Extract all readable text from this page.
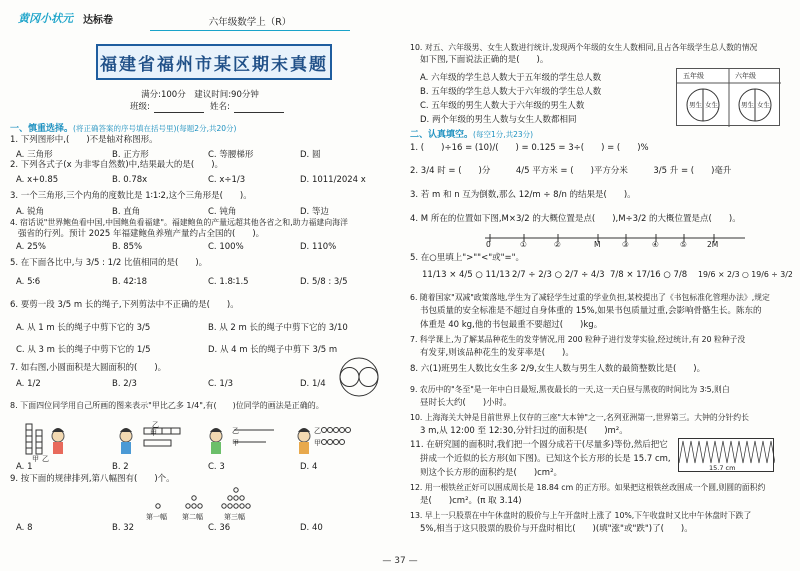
黄冈小状元 达标卷	六年级数学上（R）
福建省福州市某区期末真题
满分:100分　建议时间:90分钟
班级:	姓名:
一、慎重选择。(将正确答案的序号填在括号里)(每题2分,共20分)
1. 下列图形中,(　　)不是轴对称图形。
A. 三角形	B. 正方形	C. 等腰梯形	D. 圆
2. 下列各式子(x 为非零自然数)中,结果最大的是(　　)。
A. x+0.85	B. 0.78x	C. x÷1/3	D. 1011/2024 x
3. 一个三角形,三个内角的度数比是 1∶1∶2,这个三角形是(　　)。
A. 锐角	B. 直角	C. 钝角	D. 等边
4. 宿话说"世界鲍鱼看中国,中国鲍鱼看福建"。福建鲍鱼的产量远超其他各省之和,助力福建向海洋
强省的行列。预计 2025 年福建鲍鱼养殖产量约占全国的(　　)。
A. 25%	B. 85%	C. 100%	D. 110%
5. 在下面各比中,与 3/5 : 1/2 比值相同的是(　　)。
A. 5∶6	B. 42∶18	C. 1.8∶1.5	D. 5/8 : 3/5
6. 要剪一段 3/5 m 长的绳子,下列剪法中不正确的是(　　)。
A. 从 1 m 长的绳子中剪下它的 3/5	B. 从 2 m 长的绳子中剪下它的 3/10
C. 从 3 m 长的绳子中剪下它的 1/5	D. 从 4 m 长的绳子中剪下 3/5 m
7. 如右图,小圆面积是大圆面积的(　　)。
A. 1/2	B. 2/3	C. 1/3	D. 1/4
8. 下面四位同学用自己所画的图来表示"甲比乙多 1/4",有(　　)位同学的画法是正确的。
甲
乙
甲	乙
甲
乙
甲
乙
A. 1	B. 2	C. 3	D. 4
9. 按下面的规律排列,第八幅图有(　　)个。
第一幅 第二幅	第三幅
A. 8	B. 32	C. 36	D. 40
10. 对五、六年级男、女生人数进行统计,发现两个年级的女生人数相同,且占各年级学生总人数的情况
如下图,下面说法正确的是(　　)。
A. 六年级的学生总人数大于五年级的学生总人数
B. 五年级的学生总人数大于六年级的学生总人数
C. 五年级的男生人数大于六年级的男生人数
D. 两个年级的男生人数与女生人数都相同
五年级	六年级
男生 女生	男生 女生
二、认真填空。(每空1分,共23分)
1. (　　)÷16 = (10)/(　　) = 0.125 = 3÷(　　) = (　　)%
2. 3/4 时 = (　　)分　　　4/5 平方米 = (　　)平方分米　　　3/5 升 = (　　)毫升
3. 若 m 和 n 互为倒数,那么 12/m ÷ 8/n 的结果是(　　)。
4. M 所在的位置如下图,M×3/2 的大概位置是点(　　),M÷3/2 的大概位置是点(　　)。
0	①	②	M	③	④	⑤	2M
5. 在○里填上">""<"或"="。
11/13 × 4/5 ○ 11/13 2/7 ÷ 2/3 ○ 2/7 ÷ 4/3 7/8 × 17/16 ○ 7/8 19/6 × 2/3 ○ 19/6 ÷ 3/2
6. 随着国家"双减"政策落地,学生为了减轻学生过重的学业负担,某校提出了《书包标准化管理办法》,规定
书包质量的安全标准是不超过自身体重的 15%,如果书包质量过重,会影响骨骼生长。陈东的
体重是 40 kg,他的书包最重不要超过(　　)kg。
7. 科学课上,为了解某品种花生的发芽情况,用 200 粒种子进行发芽实验,经过统计,有 20 粒种子没
有发芽,则该品种花生的发芽率是(　　)。
8. 六(1)班男生人数比女生多 2/9,女生人数与男生人数的最简整数比是(　　)。
9. 农历中的"冬至"是一年中白日最短,黑夜最长的一天,这一天白昼与黑夜的时间比为 3∶5,则白
昼时长大约(　　)小时。
10. 上海海关大钟是目前世界上仅存的三座"大本钟"之一,名列亚洲第一,世界第三。大钟的分针约长
3 m,从 12:00 至 12:30,分针扫过的面积是(　　)m²。
11. 在研究圆的面积时,我们把一个圆分成若干(尽量多)等份,然后把它
拼成一个近似的长方形(如下图)。已知这个长方形的长是 15.7 cm,
则这个长方形的面积约是(　　)cm²。	15.7 cm
12. 用一根铁丝正好可以围成周长是 18.84 cm 的正方形。如果把这根铁丝改围成一个圆,则圆的面积约
是(　　)cm²。(π 取 3.14)
13. 早上一只股票在中午休盘时的股价与上午开盘时上涨了 10%,下午收盘时又比中午休盘时下跌了
5%,相当于这只股票的股价与开盘时相比(　　)(填"涨"或"跌")了(　　)。
— 37 —
